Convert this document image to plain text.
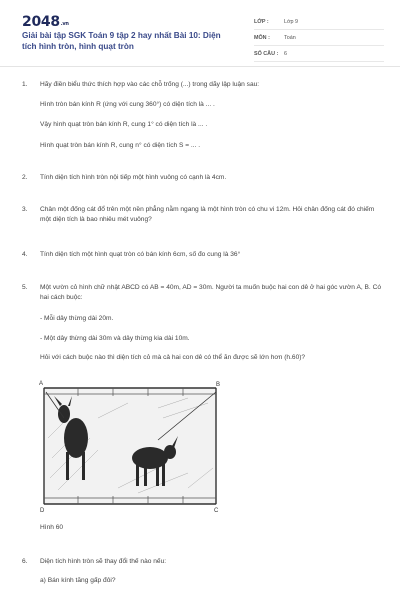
2048.vn
Giải bài tập SGK Toán 9 tập 2 hay nhất Bài 10: Diện tích hình tròn, hình quạt tròn
LỚP :	Lớp 9
MÔN :	Toán
SỐ CÂU :	6
1. Hãy điền biểu thức thích hợp vào các chỗ trống (...) trong dãy lập luận sau:
Hình tròn bán kính R (ứng với cung 360°) có diện tích là ... .
Vậy hình quạt tròn bán kính R, cung 1° có diện tích là ... .
Hình quạt tròn bán kính R, cung n° có diện tích S = ... .
2. Tính diện tích hình tròn nội tiếp một hình vuông có cạnh là 4cm.
3. Chân một đống cát đổ trên một nền phẳng nằm ngang là một hình tròn có chu vi 12m. Hỏi chân đống cát đó chiếm một diện tích là bao nhiêu mét vuông?
4. Tính diện tích một hình quạt tròn có bán kính 6cm, số đo cung là 36°
5. Một vườn cỏ hình chữ nhật ABCD có AB = 40m, AD = 30m. Người ta muốn buộc hai con dê ở hai góc vườn A, B. Có hai cách buộc:
- Mỗi dây thừng dài 20m.
- Một dây thừng dài 30m và dây thừng kia dài 10m.
Hỏi với cách buộc nào thì diện tích cỏ mà cả hai con dê có thể ăn được sẽ lớn hơn (h.60)?
A	B
C
D
Hình 60
6. Diện tích hình tròn sẽ thay đổi thế nào nếu:
a) Bán kính tăng gấp đôi?
